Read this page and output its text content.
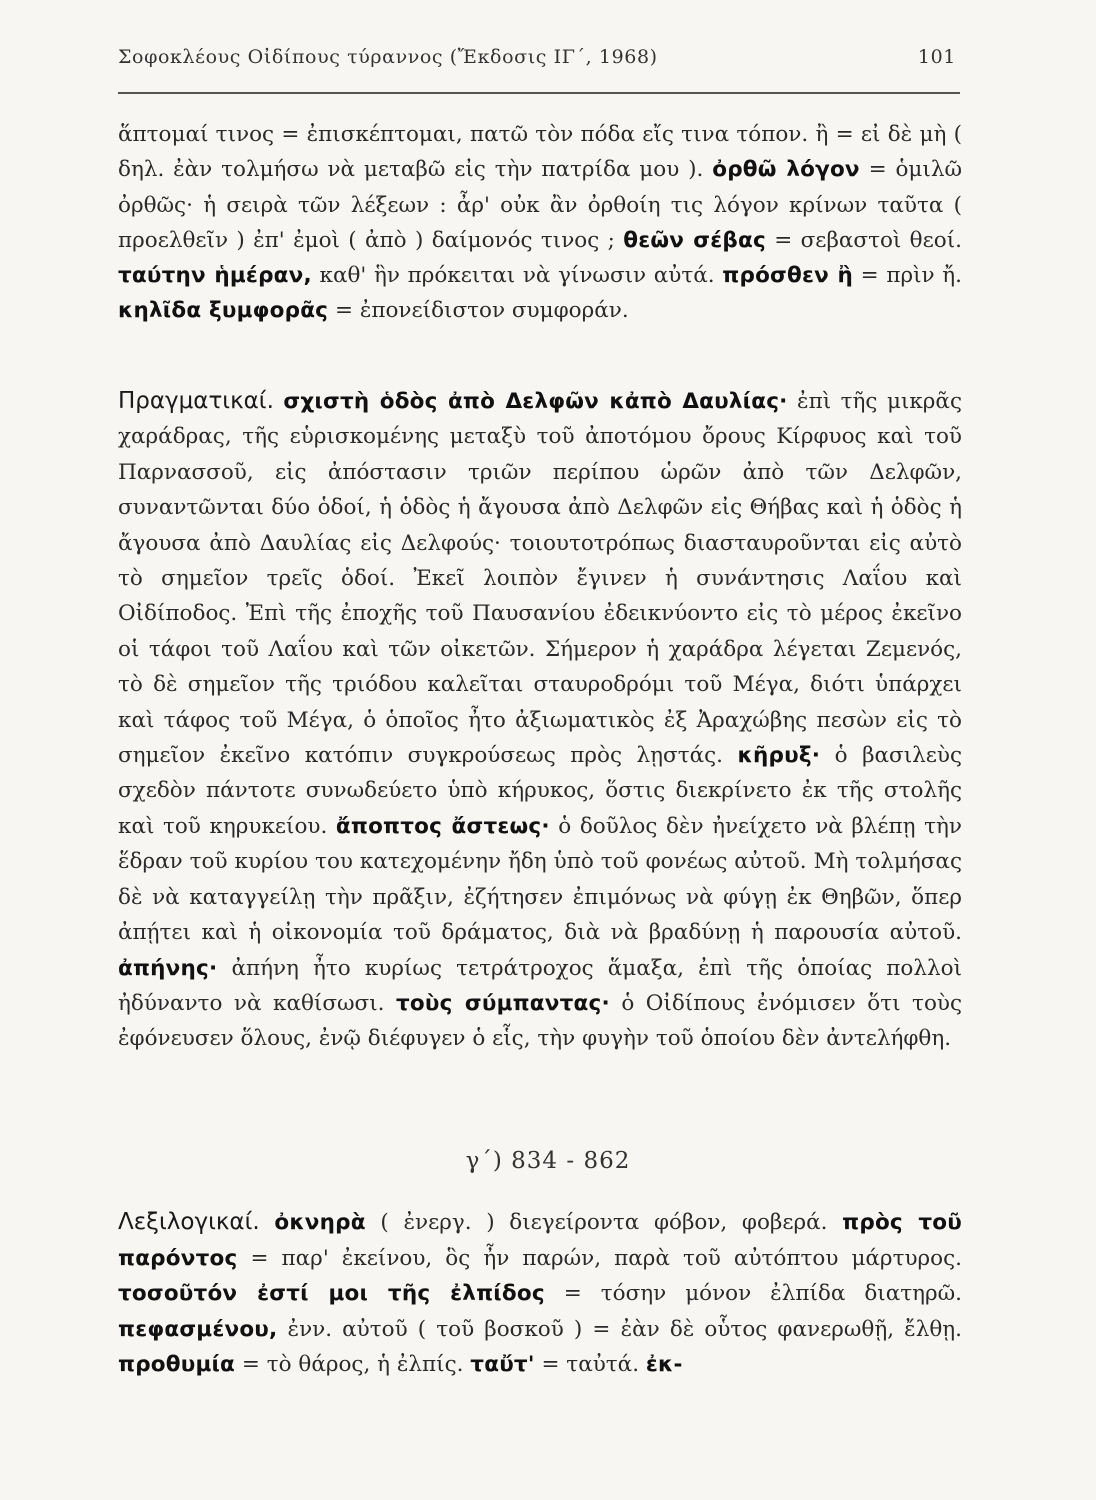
Σοφοκλέους Οἰδίπους τύραννος (Ἔκδοσις ΙΓ΄, 1968)	101
ἅπτομαί τινος = ἐπισκέπτομαι, πατῶ τὸν πόδα εἴς τινα τόπον. ἢ = εἰ δὲ μὴ ( δηλ. ἐὰν τολμήσω νὰ μεταβῶ εἰς τὴν πατρίδα μου ). ὀρθῶ λόγον = ὁμιλῶ ὀρθῶς· ἡ σειρὰ τῶν λέξεων : ἆρ' οὐκ ἂν ὀρθοίη τις λόγον κρίνων ταῦτα ( προελθεῖν ) ἐπ' ἐμοὶ ( ἀπὸ ) δαίμονός τινος ; θεῶν σέβας = σεβαστοὶ θεοί. ταύτην ἡμέραν, καθ' ἣν πρόκειται νὰ γίνωσιν αὐτά. πρόσθεν ἢ = πρὶν ἤ. κηλῖδα ξυμφορᾶς = ἐπονείδιστον συμφοράν.
Πραγματικαί. σχιστὴ ὁδὸς ἀπὸ Δελφῶν κἀπὸ Δαυλίας· ἐπὶ τῆς μικρᾶς χαράδρας, τῆς εὑρισκομένης μεταξὺ τοῦ ἀποτόμου ὄρους Κίρφυος καὶ τοῦ Παρνασσοῦ, εἰς ἀπόστασιν τριῶν περίπου ὡρῶν ἀπὸ τῶν Δελφῶν, συναντῶνται δύο ὁδοί, ἡ ὁδὸς ἡ ἄγουσα ἀπὸ Δελφῶν εἰς Θήβας καὶ ἡ ὁδὸς ἡ ἄγουσα ἀπὸ Δαυλίας εἰς Δελφούς· τοιουτοτρόπως διασταυροῦνται εἰς αὐτὸ τὸ σημεῖον τρεῖς ὁδοί. Ἐκεῖ λοιπὸν ἔγινεν ἡ συνάντησις Λαΐου καὶ Οἰδίποδος. Ἐπὶ τῆς ἐποχῆς τοῦ Παυσανίου ἐδεικνύοντο εἰς τὸ μέρος ἐκεῖνο οἱ τάφοι τοῦ Λαΐου καὶ τῶν οἰκετῶν. Σήμερον ἡ χαράδρα λέγεται Ζεμενός, τὸ δὲ σημεῖον τῆς τριόδου καλεῖται σταυροδρόμι τοῦ Μέγα, διότι ὑπάρχει καὶ τάφος τοῦ Μέγα, ὁ ὁποῖος ἦτο ἀξιωματικὸς ἐξ Ἀραχώβης πεσὼν εἰς τὸ σημεῖον ἐκεῖνο κατόπιν συγκρούσεως πρὸς λῃστάς. κῆρυξ· ὁ βασιλεὺς σχεδὸν πάντοτε συνωδεύετο ὑπὸ κήρυκος, ὅστις διεκρίνετο ἐκ τῆς στολῆς καὶ τοῦ κηρυκείου. ἄποπτος ἄστεως· ὁ δοῦλος δὲν ἠνείχετο νὰ βλέπῃ τὴν ἕδραν τοῦ κυρίου του κατεχομένην ἤδη ὑπὸ τοῦ φονέως αὐτοῦ. Μὴ τολμήσας δὲ νὰ καταγγείλῃ τὴν πρᾶξιν, ἐζήτησεν ἐπιμόνως νὰ φύγῃ ἐκ Θηβῶν, ὅπερ ἀπῄτει καὶ ἡ οἰκονομία τοῦ δράματος, διὰ νὰ βραδύνῃ ἡ παρουσία αὐτοῦ. ἀπήνης· ἀπήνη ἦτο κυρίως τετράτροχος ἅμαξα, ἐπὶ τῆς ὁποίας πολλοὶ ἠδύναντο νὰ καθίσωσι. τοὺς σύμπαντας· ὁ Οἰδίπους ἐνόμισεν ὅτι τοὺς ἐφόνευσεν ὅλους, ἐνῷ διέφυγεν ὁ εἷς, τὴν φυγὴν τοῦ ὁποίου δὲν ἀντελήφθη.
γ΄) 834 - 862
Λεξιλογικαί. ὀκνηρὰ ( ἐνεργ. ) διεγείροντα φόβον, φοβερά. πρὸς τοῦ παρόντος = παρ' ἐκείνου, ὃς ἦν παρών, παρὰ τοῦ αὐτόπτου μάρτυρος. τοσοῦτόν ἐστί μοι τῆς ἐλπίδος = τόσην μόνον ἐλπίδα διατηρῶ. πεφασμένου, ἐνν. αὐτοῦ ( τοῦ βοσκοῦ ) = ἐὰν δὲ οὗτος φανερωθῇ, ἔλθῃ. προθυμία = τὸ θάρος, ἡ ἐλπίς. ταὔτ' = ταὐτά. ἐκ-
